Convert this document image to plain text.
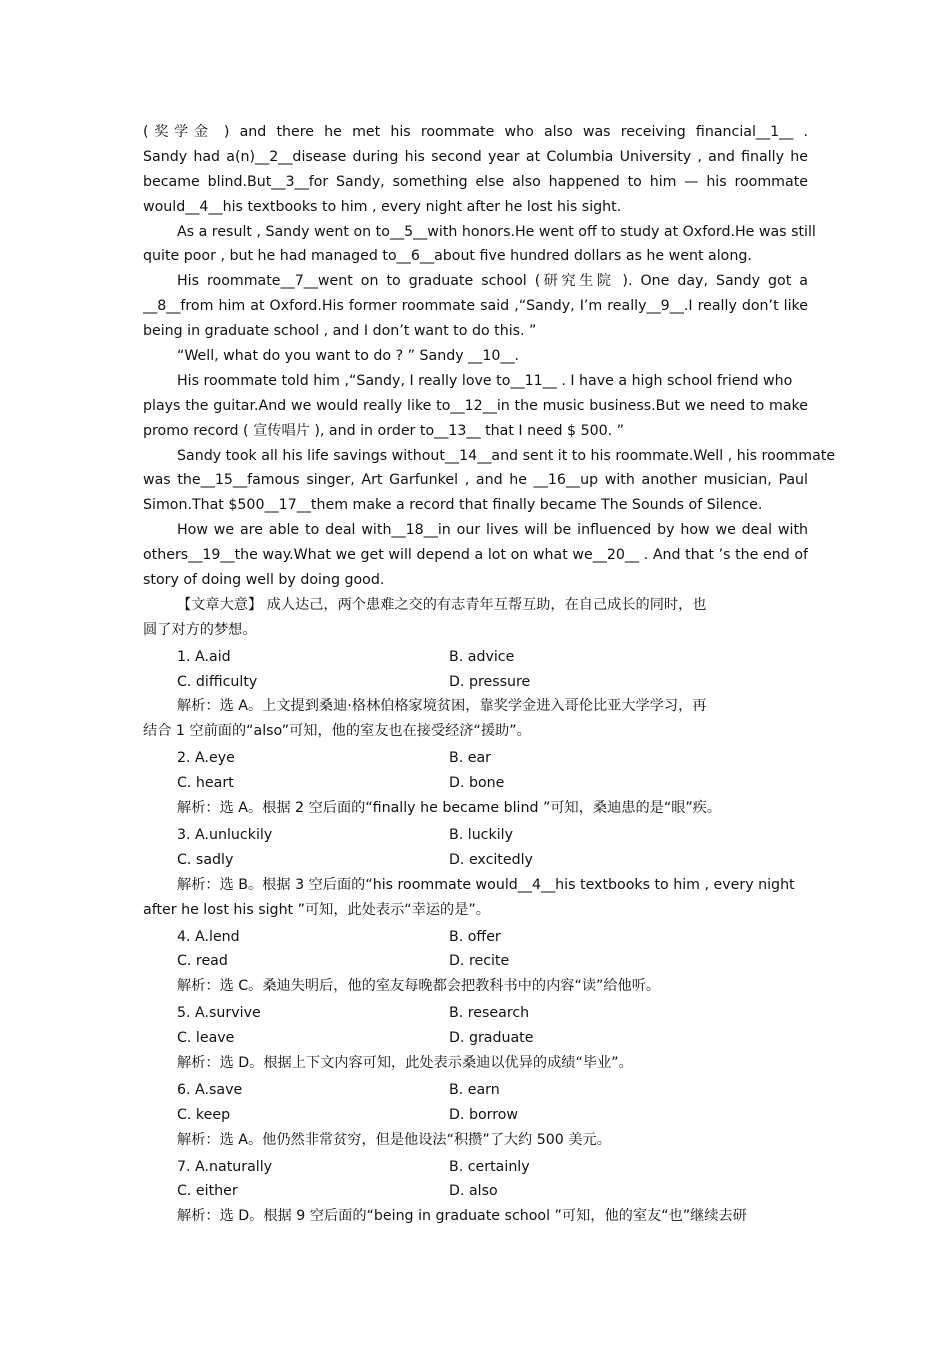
(奖学金 ) and there he met his roommate who also was receiving financial__1__ .
Sandy had a(n)__2__disease during his second year at Columbia University , and finally he
became blind.But__3__for Sandy, something else also happened to him — his roommate
would__4__his textbooks to him , every night after he lost his sight.
As a result , Sandy went on to__5__with honors.He went off to study at Oxford.He was still
quite poor , but he had managed to__6__about five hundred dollars as he went along.
His roommate__7__went on to graduate school (研究生院 ). One day, Sandy got a
__8__from him at Oxford.His former roommate said ,“Sandy, I’m really__9__.I really don’t like
being in graduate school , and I don’t want to do this. ”
“Well, what do you want to do ? ” Sandy __10__.
His roommate told him ,“Sandy, I really love to__11__ . I have a high school friend who
plays the guitar.And we would really like to__12__in the music business.But we need to make
promo record ( 宣传唱片 ), and in order to__13__ that I need $ 500. ”
Sandy took all his life savings without__14__and sent it to his roommate.Well , his roommate
was the__15__famous singer, Art Garfunkel , and he __16__up with another musician, Paul
Simon.That $500__17__them make a record that finally became The Sounds of Silence.
How we are able to deal with__18__in our lives will be influenced by how we deal with
others__19__the way.What we get will depend a lot on what we__20__ . And that ’s the end of
story of doing well by doing good.
【文章大意】 成人达己，两个患难之交的有志青年互帮互助，在自己成长的同时，也
圆了对方的梦想。
1. A.aid	B. advice
C. difficulty	D. pressure
解析：选 A。上文提到桑迪·格林伯格家境贫困，靠奖学金进入哥伦比亚大学学习，再
结合 1 空前面的“also”可知，他的室友也在接受经济“援助”。
2. A.eye	B. ear
C. heart	D. bone
解析：选 A。根据 2 空后面的“finally he became blind ”可知，桑迪患的是“眼”疾。
3. A.unluckily	B. luckily
C. sadly	D. excitedly
解析：选 B。根据 3 空后面的“his roommate would__4__his textbooks to him , every night
after he lost his sight ”可知，此处表示“幸运的是”。
4. A.lend	B. offer
C. read	D. recite
解析：选 C。桑迪失明后，他的室友每晚都会把教科书中的内容“读”给他听。
5. A.survive	B. research
C. leave	D. graduate
解析：选 D。根据上下文内容可知，此处表示桑迪以优异的成绩“毕业”。
6. A.save	B. earn
C. keep	D. borrow
解析：选 A。他仍然非常贫穷，但是他设法“积攒”了大约 500 美元。
7. A.naturally	B. certainly
C. either	D. also
解析：选 D。根据 9 空后面的“being in graduate school ”可知，他的室友“也”继续去研
